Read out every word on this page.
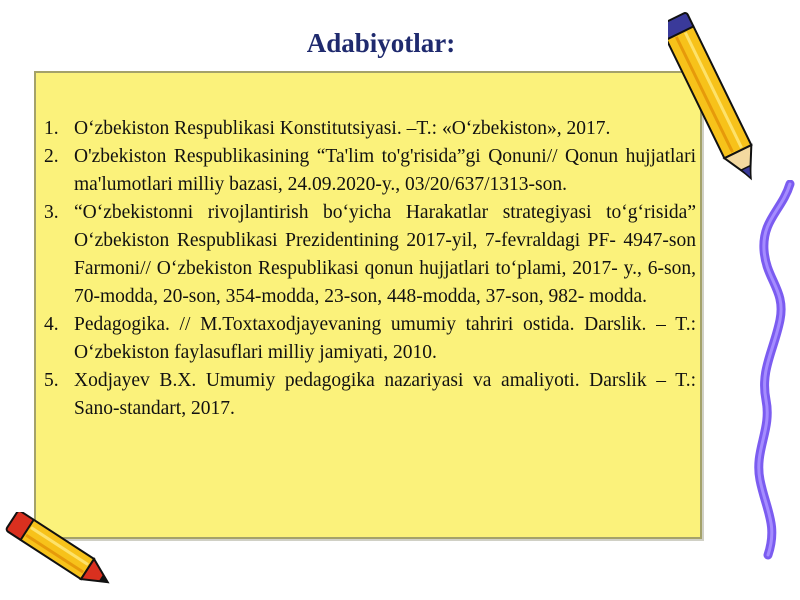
Adabiyotlar:
1. O‘zbekiston Respublikasi Konstitutsiyasi. –T.: «O‘zbekiston», 2017.
2. O'zbekiston Respublikasining “Ta'lim to'g'risida”gi Qonuni// Qonun hujjatlari ma'lumotlari milliy bazasi, 24.09.2020-y., 03/20/637/1313-son.
3. “O‘zbekistonni rivojlantirish bo‘yicha Harakatlar strategiyasi to‘g‘risida” O‘zbekiston Respublikasi Prezidentining 2017-yil, 7-fevraldagi PF- 4947-son Farmoni// O‘zbekiston Respublikasi qonun hujjatlari to‘plami, 2017- y., 6-son, 70-modda, 20-son, 354-modda, 23-son, 448-modda, 37-son, 982- modda.
4. Pedagogika. // M.Toxtaxodjayevaning umumiy tahriri ostida. Darslik. – T.: O‘zbekiston faylasuflari milliy jamiyati, 2010.
5. Xodjayev B.X. Umumiy pedagogika nazariyasi va amaliyoti. Darslik – T.: Sano-standart, 2017.
